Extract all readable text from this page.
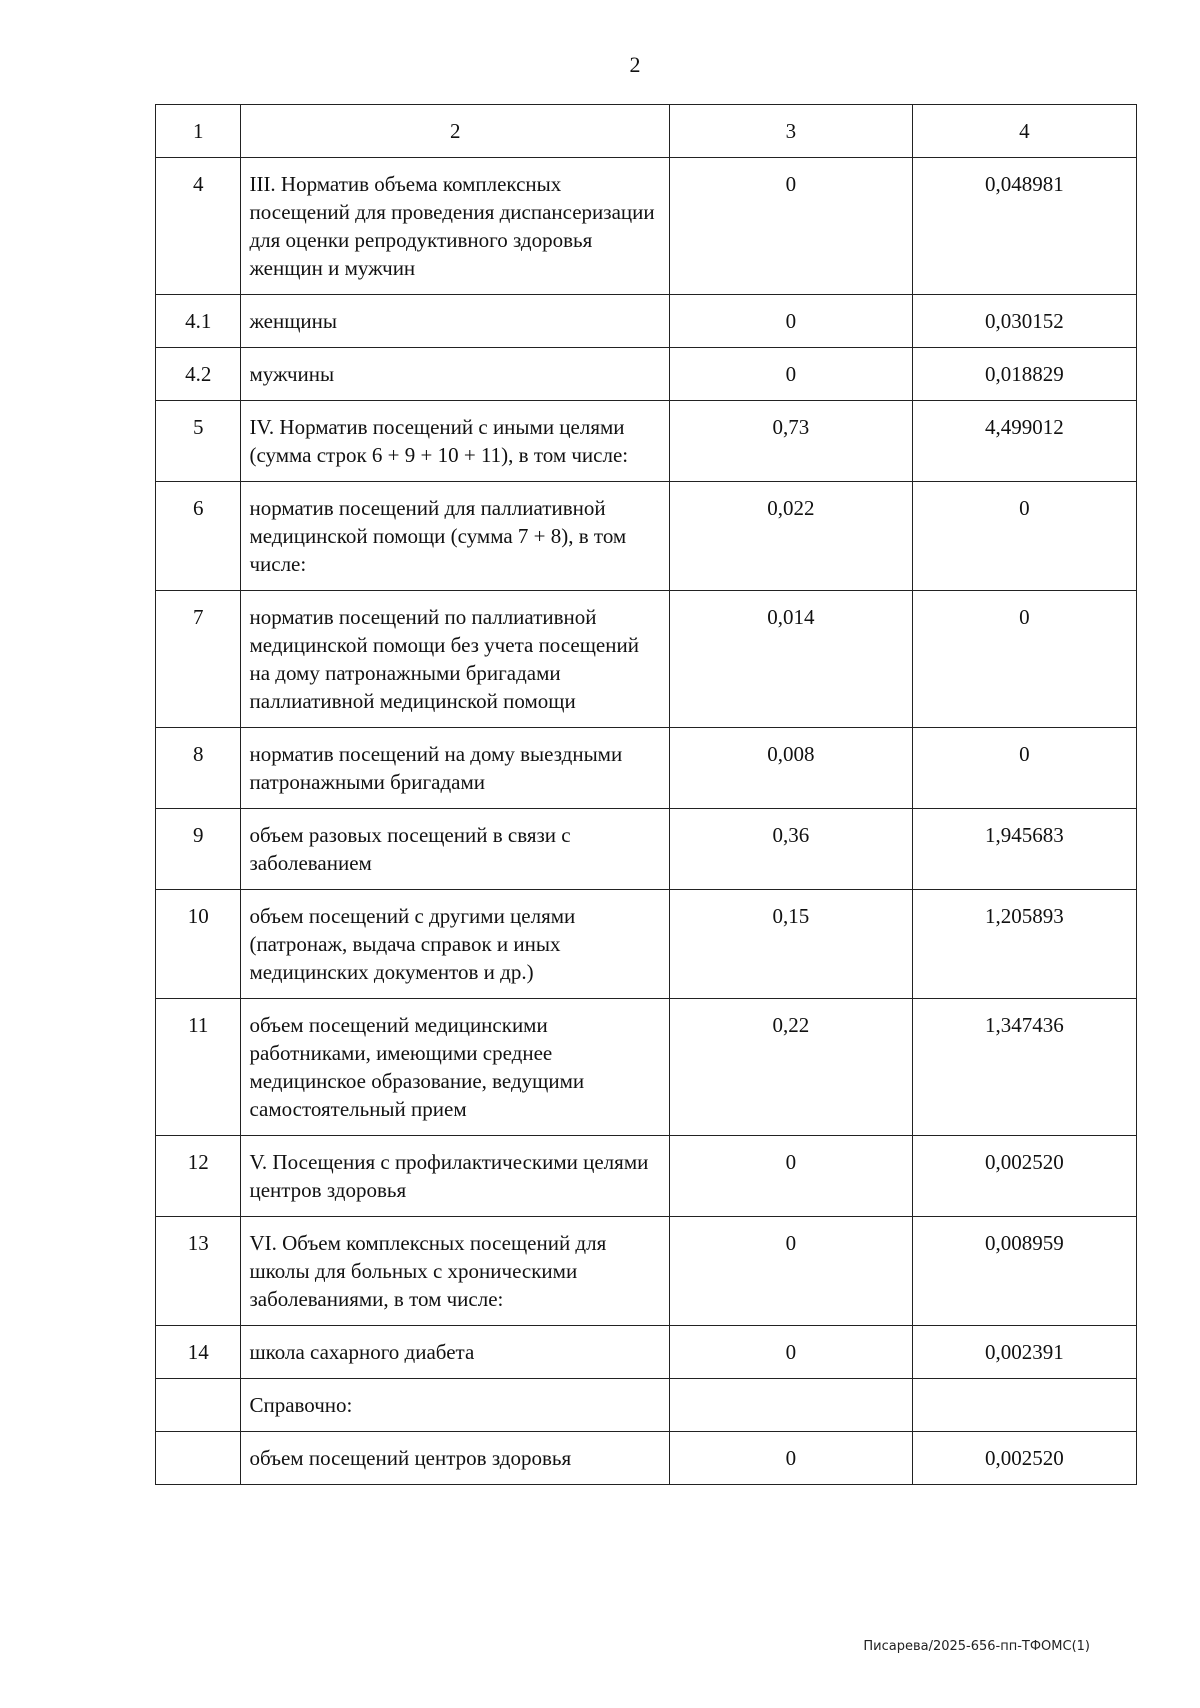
2
1	2	3	4
4	III. Норматив объема комплексных посещений для проведения диспансеризации для оценки репродуктивного здоровья женщин и мужчин	0	0,048981
4.1	женщины	0	0,030152
4.2	мужчины	0	0,018829
5	IV. Норматив посещений с иными целями (сумма строк 6 + 9 + 10 + 11), в том числе:	0,73	4,499012
6	норматив посещений для паллиативной медицинской помощи (сумма 7 + 8), в том числе:	0,022	0
7	норматив посещений по паллиативной медицинской помощи без учета посещений на дому патронажными бригадами паллиативной медицинской помощи	0,014	0
8	норматив посещений на дому выездными патронажными бригадами	0,008	0
9	объем разовых посещений в связи с заболеванием	0,36	1,945683
10	объем посещений с другими целями (патронаж, выдача справок и иных медицинских документов и др.)	0,15	1,205893
11	объем посещений медицинскими работниками, имеющими среднее медицинское образование, ведущими самостоятельный прием	0,22	1,347436
12	V. Посещения с профилактическими целями центров здоровья	0	0,002520
13	VI. Объем комплексных посещений для школы для больных с хроническими заболеваниями, в том числе:	0	0,008959
14	школа сахарного диабета	0	0,002391
	Справочно:		
	объем посещений центров здоровья	0	0,002520
Писарева/2025-656-пп-ТФОМС(1)
